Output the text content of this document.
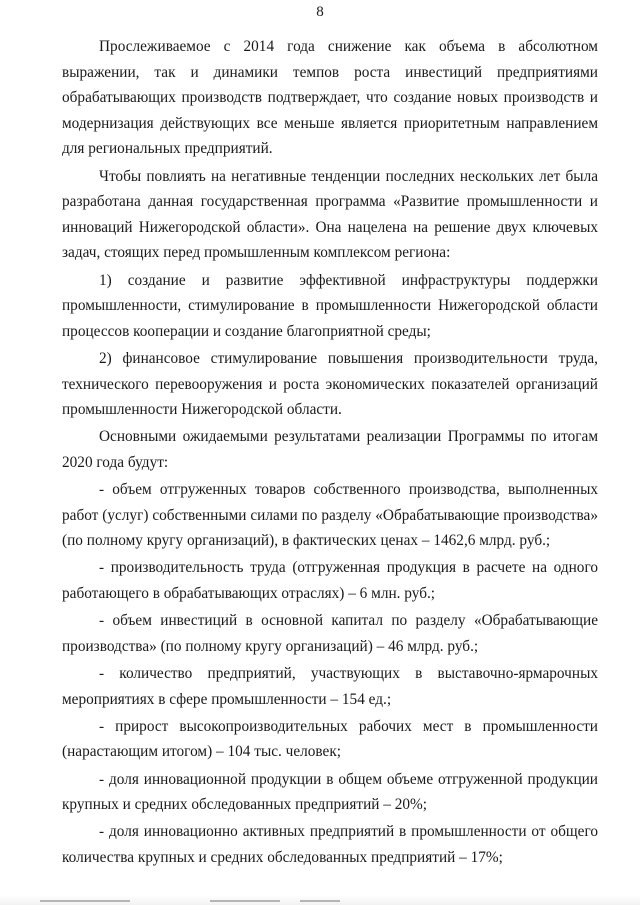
8

Прослеживаемое с 2014 года снижение как объема в абсолютном выражении, так и динамики темпов роста инвестиций предприятиями обрабатывающих производств подтверждает, что создание новых производств и модернизация действующих все меньше является приоритетным направлением для региональных предприятий.

Чтобы повлиять на негативные тенденции последних нескольких лет была разработана данная государственная программа «Развитие промышленности и инноваций Нижегородской области». Она нацелена на решение двух ключевых задач, стоящих перед промышленным комплексом региона:

1) создание и развитие эффективной инфраструктуры поддержки промышленности, стимулирование в промышленности Нижегородской области процессов кооперации и создание благоприятной среды;

2) финансовое стимулирование повышения производительности труда, технического перевооружения и роста экономических показателей организаций промышленности Нижегородской области.

Основными ожидаемыми результатами реализации Программы по итогам 2020 года будут:

- объем отгруженных товаров собственного производства, выполненных работ (услуг) собственными силами по разделу «Обрабатывающие производства» (по полному кругу организаций), в фактических ценах – 1462,6 млрд. руб.;

- производительность труда (отгруженная продукция в расчете на одного работающего в обрабатывающих отраслях) – 6 млн. руб.;

- объем инвестиций в основной капитал по разделу «Обрабатывающие производства» (по полному кругу организаций) – 46 млрд. руб.;

- количество предприятий, участвующих в выставочно-ярмарочных мероприятиях в сфере промышленности – 154 ед.;

- прирост высокопроизводительных рабочих мест в промышленности (нарастающим итогом) – 104 тыс. человек;

- доля инновационной продукции в общем объеме отгруженной продукции крупных и средних обследованных предприятий – 20%;

- доля инновационно активных предприятий в промышленности от общего количества крупных и средних обследованных предприятий – 17%;
